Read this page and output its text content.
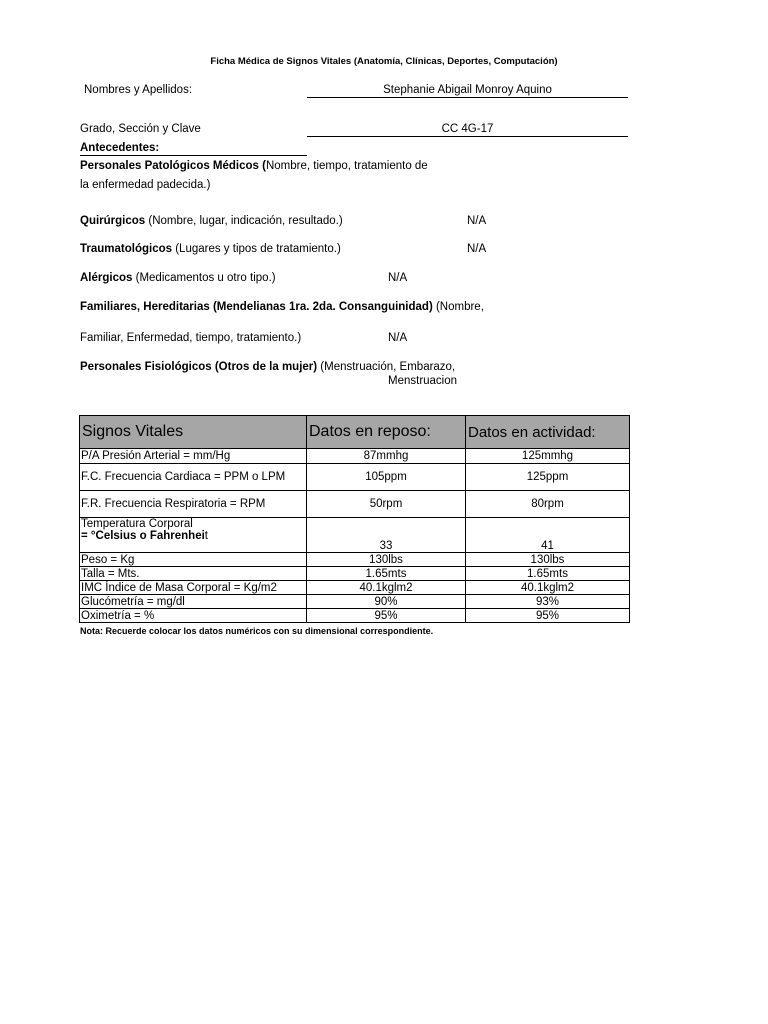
Ficha Médica de Signos Vitales (Anatomía, Clínicas, Deportes, Computación)
Nombres y Apellidos:	Stephanie Abigail Monroy Aquino
Grado, Sección y Clave	CC 4G-17
Antecedentes:
Personales Patológicos Médicos (Nombre, tiempo, tratamiento de
la enfermedad padecida.)
Quirúrgicos (Nombre, lugar, indicación, resultado.)	N/A
Traumatológicos (Lugares y tipos de tratamiento.)	N/A
Alérgicos (Medicamentos u otro tipo.)	N/A
Familiares, Hereditarias (Mendelianas 1ra. 2da. Consanguinidad) (Nombre,
Familiar, Enfermedad, tiempo, tratamiento.)	N/A
Personales Fisiológicos (Otros de la mujer) (Menstruación, Embarazo,
Menstruacion
Signos Vitales	Datos en reposo:	Datos en actividad:
P/A Presión Arterial = mm/Hg	87mmhg	125mmhg
F.C. Frecuencia Cardiaca = PPM o LPM	105ppm	125ppm
F.R. Frecuencia Respiratoria = RPM	50rpm	80rpm

Temperatura Corporal
= °Celsius o Fahrenheit	33	41
Peso = Kg	130lbs	130lbs
Talla = Mts.	1.65mts	1.65mts
IMC Índice de Masa Corporal = Kg/m2	40.1kglm2	40.1kglm2
Glucómetría = mg/dl	90%	93%
Oximetría = %	95%	95%
Nota: Recuerde colocar los datos numéricos con su dimensional correspondiente.
